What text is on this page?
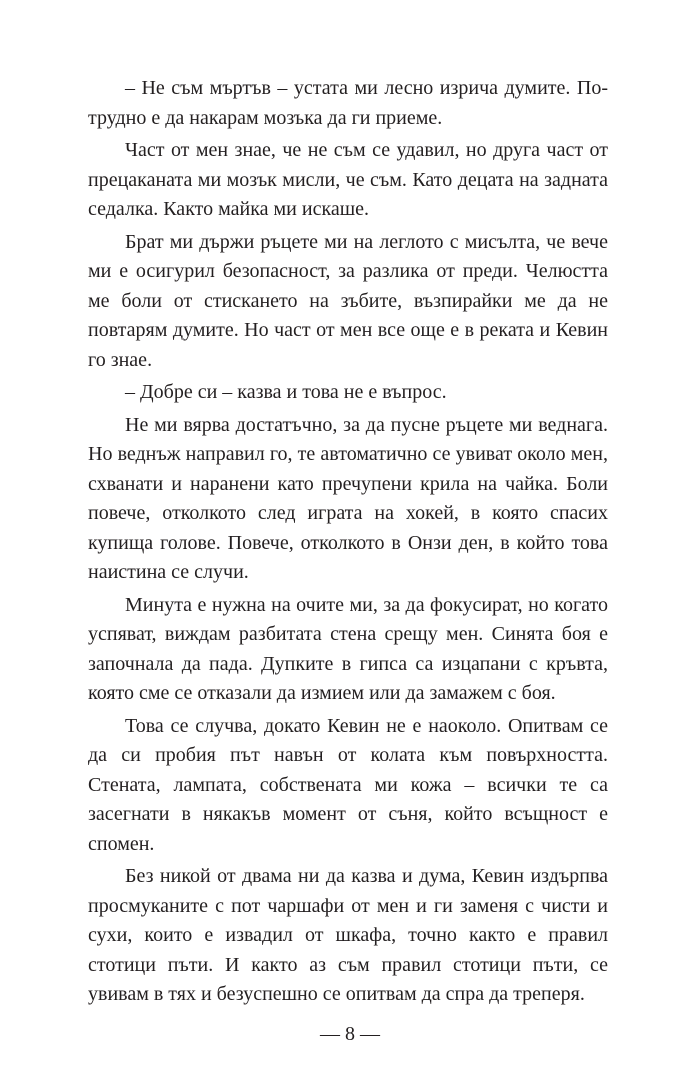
– Не съм мъртъв – устата ми лесно изрича думите. По-трудно е да накарам мозъка да ги приеме.

Част от мен знае, че не съм се удавил, но друга част от прецаканата ми мозък мисли, че съм. Като децата на задната седалка. Както майка ми искаше.

Брат ми държи ръцете ми на леглото с мисълта, че вече ми е осигурил безопасност, за разлика от преди. Челюстта ме боли от стискането на зъбите, възпирайки ме да не повтарям думите. Но част от мен все още е в реката и Кевин го знае.

– Добре си – казва и това не е въпрос.

Не ми вярва достатъчно, за да пусне ръцете ми веднага. Но веднъж направил го, те автоматично се увиват около мен, схванати и наранени като пречупени крила на чайка. Боли повече, отколкото след играта на хокей, в която спасих купища голове. Повече, отколкото в Онзи ден, в който това наистина се случи.

Минута е нужна на очите ми, за да фокусират, но когато успяват, виждам разбитата стена срещу мен. Синята боя е започнала да пада. Дупките в гипса са изцапани с кръвта, която сме се отказали да измием или да замажем с боя.

Това се случва, докато Кевин не е наоколо. Опитвам се да си пробия път навън от колата към повърхността. Стената, лампата, собствената ми кожа – всички те са засегнати в някакъв момент от съня, който всъщност е спомен.

Без никой от двама ни да казва и дума, Кевин издърпва просмуканите с пот чаршафи от мен и ги заменя с чисти и сухи, които е извадил от шкафа, точно както е правил стотици пъти. И както аз съм правил стотици пъти, се увивам в тях и безуспешно се опитвам да спра да треперя.

— 8 —
